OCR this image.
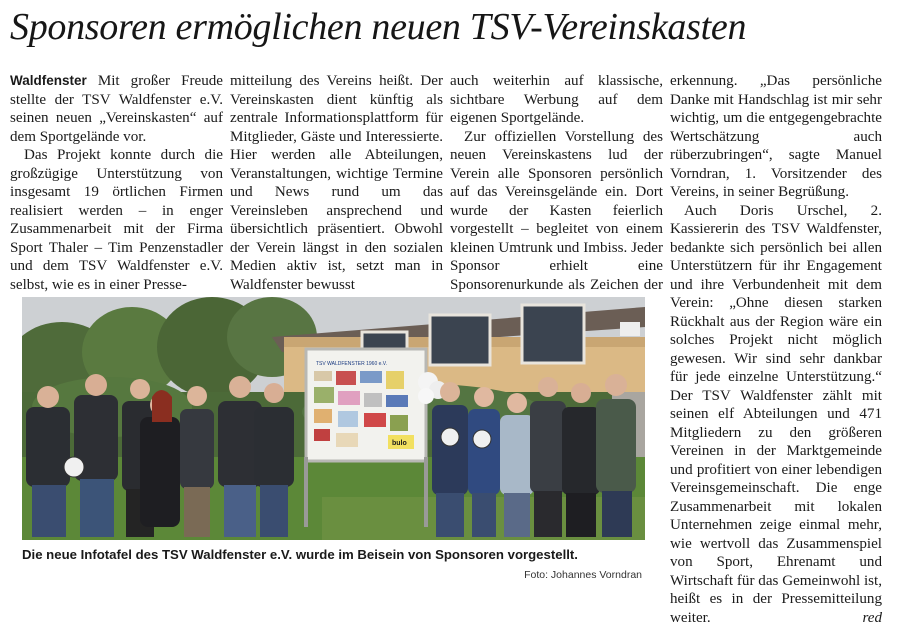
Sponsoren ermöglichen neuen TSV-Vereinskasten

Waldfenster Mit großer Freude stellte der TSV Waldfenster e.V. seinen neuen „Vereinskasten“ auf dem Sportgelände vor.

Das Projekt konnte durch die großzügige Unterstützung von insgesamt 19 örtlichen Firmen realisiert werden – in enger Zusammenarbeit mit der Firma Sport Thaler – Tim Penzenstadler und dem TSV Waldfenster e.V. selbst, wie es in einer Presse-

mitteilung des Vereins heißt. Der Vereinskasten dient künftig als zentrale Informationsplattform für Mitglieder, Gäste und Interessierte. Hier werden alle Abteilungen, Veranstaltungen, wichtige Termine und News rund um das Vereinsleben ansprechend und übersichtlich präsentiert. Obwohl der Verein längst in den sozialen Medien aktiv ist, setzt man in Waldfenster bewusst

auch weiterhin auf klassische, sichtbare Werbung auf dem eigenen Sportgelände.

Zur offiziellen Vorstellung des neuen Vereinskastens lud der Verein alle Sponsoren persönlich auf das Vereinsgelände ein. Dort wurde der Kasten feierlich vorgestellt – begleitet von einem kleinen Umtrunk und Imbiss. Jeder Sponsor erhielt eine Sponsorenurkunde als Zeichen der

erkennung. „Das persönliche Danke mit Handschlag ist mir sehr wichtig, um die entgegengebrachte Wertschätzung auch rüberzubringen“, sagte Manuel Vorndran, 1. Vorsitzender des Vereins, in seiner Begrüßung.

Auch Doris Urschel, 2. Kassiererin des TSV Waldfenster, bedankte sich persönlich bei allen Unterstützern für ihr Engagement und ihre Verbundenheit mit dem Verein: „Ohne diesen starken Rückhalt aus der Region wäre ein solches Projekt nicht möglich gewesen. Wir sind sehr dankbar für jede einzelne Unterstützung.“ Der TSV Waldfenster zählt mit seinen elf Abteilungen und 471 Mitgliedern zu den größeren Vereinen in der Marktgemeinde und profitiert von einer lebendigen Vereinsgemeinschaft. Die enge Zusammenarbeit mit lokalen Unternehmen zeige einmal mehr, wie wertvoll das Zusammenspiel von Sport, Ehrenamt und Wirtschaft für das Gemeinwohl ist, heißt es in der Pressemitteilung weiter.	red

TSV WALDFENSTER 1960 e.V.
bulo
Die neue Infotafel des TSV Waldfenster e.V. wurde im Beisein von Sponsoren vorgestellt.
Foto: Johannes Vorndran
